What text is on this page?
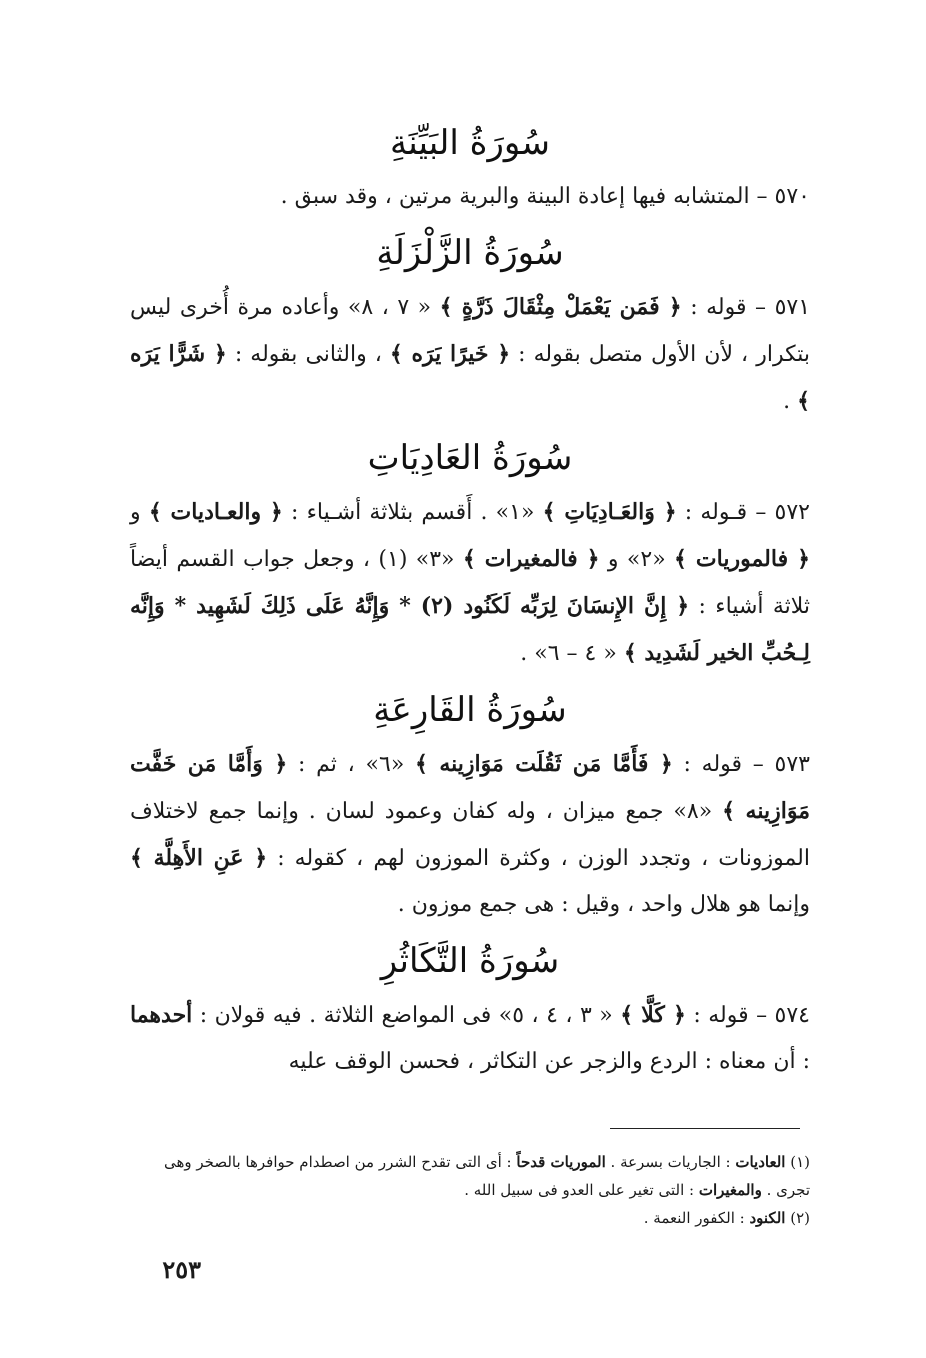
سُورَةُ البَيِّنَةِ

٥٧٠ – المتشابه فيها إعادة البينة والبرية مرتين ، وقد سبق .

سُورَةُ الزَّلْزَلَةِ

٥٧١ – قوله : ﴿ فَمَن يَعْمَلْ مِثْقَالَ ذَرَّةٍ ﴾ « ٧ ، ٨» وأعاده مرة أُخرى ليس بتكرار ، لأن الأول متصل بقوله : ﴿ خَيرًا يَرَه ﴾ ، والثانى بقوله : ﴿ شَرًّا يَرَه ﴾ .

سُورَةُ العَادِيَاتِ

٥٧٢ – قـوله : ﴿ وَالعَـادِيَاتِ ﴾ «١» . أَقسم بثلاثة أشـياء : ﴿ والعـاديات ﴾ و ﴿ فالموريات ﴾ «٢» و ﴿ فالمغيرات ﴾ «٣» (١) ، وجعل جواب القسم أيضاً ثلاثة أشياء : ﴿ إِنَّ الإِنسَانَ لِرَبِّه لَكَنُود (٢) * وَإِنَّهُ عَلَى ذَلِكَ لَشَهِيد * وَإِنَّه لِـحُبِّ الخير لَشَدِيد ﴾ « ٤ – ٦» .

سُورَةُ القَارِعَةِ

٥٧٣ – قوله : ﴿ فَأَمَّا مَن ثَقُلَت مَوَازِينه ﴾ «٦» ، ثم : ﴿ وَأَمَّا مَن خَفَّت مَوَازِينه ﴾ «٨» جمع ميزان ، وله كفان وعمود لسان . وإنما جمع لاختلاف الموزونات ، وتجدد الوزن ، وكثرة الموزون لهم ، كقوله : ﴿ عَنِ الأَهِلَّة ﴾ وإنما هو هلال واحد ، وقيل : هى جمع موزون .

سُورَةُ التَّكَاثُرِ

٥٧٤ – قوله : ﴿ كَلَّا ﴾ « ٣ ، ٤ ، ٥» فى المواضع الثلاثة . فيه قولان : أحدهما : أن معناه : الردع والزجر عن التكاثر ، فحسن الوقف عليه

(١) العاديات : الجاريات بسرعة . الموريات قدحاً : أى التى تقدح الشرر من اصطدام حوافرها بالصخر وهى تجرى . والمغيرات : التى تغير على العدو فى سبيل الله .
(٢) الكنود : الكفور النعمة .
٢٥٣
